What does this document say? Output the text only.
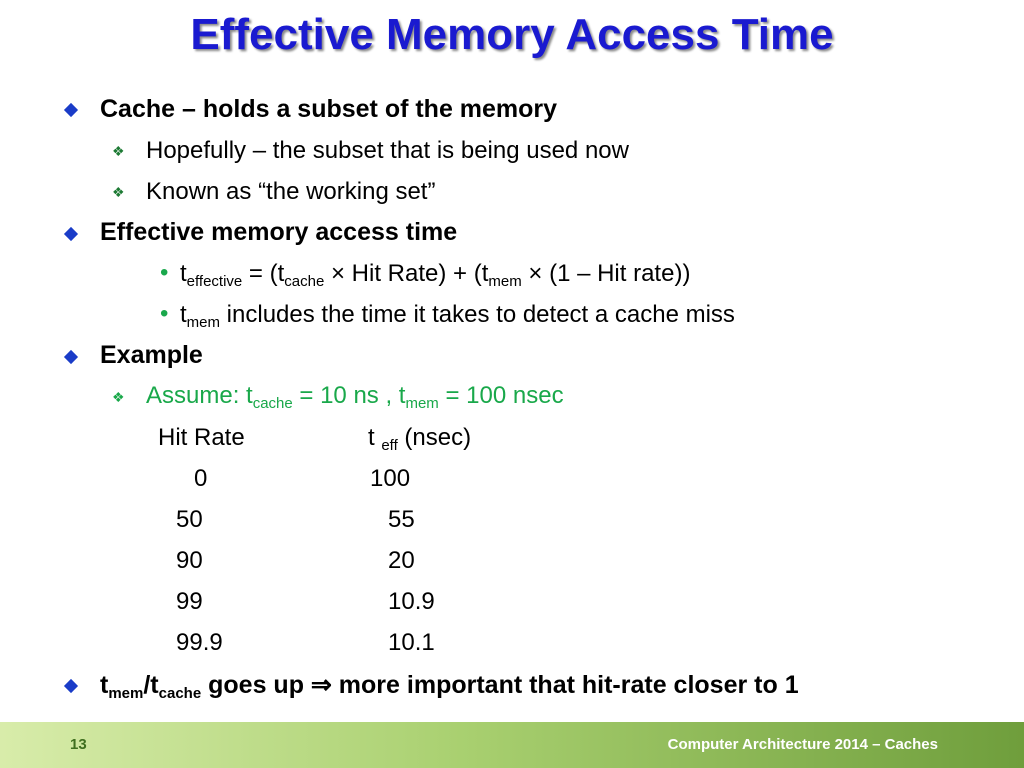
Effective Memory Access Time
Cache – holds a subset of the memory
❖ Hopefully – the subset that is being used now
❖ Known as “the working set”
Effective memory access time
• $t_{effective} = (t_{cache}$ × Hit Rate) + ($t_{mem} \times (1$ – Hit rate))
• $t_{mem}$ includes the time it takes to detect a cache miss
Example
❖ Assume: $t_{cache} = 10$ ns , $t_{mem} = 100$ nsec
Hit Rate	t $_{eff}$ (nsec)
0	100
50	55
90	20
99	10.9
99.9	10.1
$t_{mem}/t_{cache}$ goes up ⇒ more important that hit-rate closer to 1
13	Computer Architecture 2014 – Caches
